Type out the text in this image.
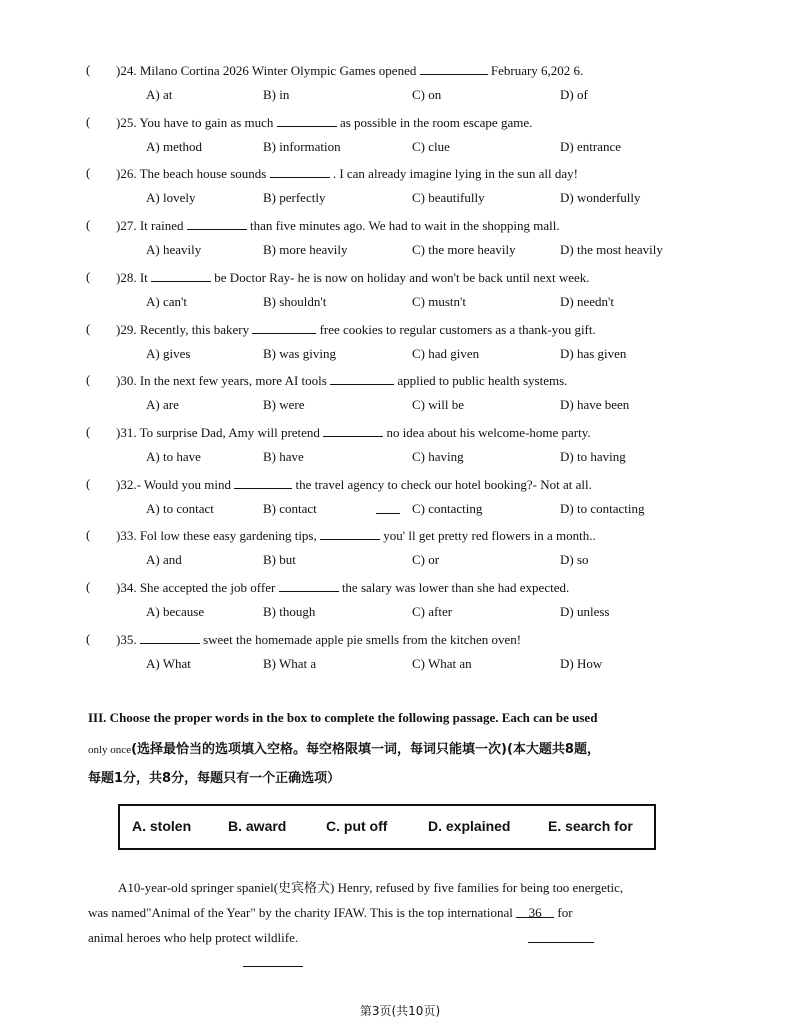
( )24. Milano Cortina 2026 Winter Olympic Games opened	February 6,202 6.
A) at	B) in	C) on	D) of
( )25. You have to gain as much	as possible in the room escape game.
A) method	B) information	C) clue	D) entrance
( )26. The beach house sounds	. I can already imagine lying in the sun all day!
A) lovely	B) perfectly	C) beautifully	D) wonderfully
( )27. It rained	than five minutes ago. We had to wait in the shopping mall.
A) heavily	B) more heavily	C) the more heavily	D) the most heavily
( )28. It	be Doctor Ray- he is now on holiday and won't be back until next week.
A) can't	B) shouldn't	C) mustn't	D) needn't
( )29. Recently, this bakery	free cookies to regular customers as a thank-you gift.
A) gives	B) was giving	C) had given	D) has given
( )30. In the next few years, more AI tools	applied to public health systems.
A) are	B) were	C) will be	D) have been
( )31. To surprise Dad, Amy will pretend	no idea about his welcome-home party.
A) to have	B) have	C) having	D) to having
( )32.- Would you mind	the travel agency to check our hotel booking?- Not at all.
A) to contact	B) contact	C) contacting	D) to contacting
( )33. Fol low these easy gardening tips,	you' ll get pretty red flowers in a month..
A) and	B) but	C) or	D) so
( )34. She accepted the job offer	the salary was lower than she had expected.
A) because	B) though	C) after	D) unless
( )35.	sweet the homemade apple pie smells from the kitchen oven!
A) What	B) What a	C) What an	D) How
III. Choose the proper words in the box to complete the following passage. Each can be used
only once(选择最恰当的选项填入空格。每空格限填一词，每词只能填一次)(本大题共8题，
每题1分，共8分，每题只有一个正确选项）
A. stolen	B. award	C. put off	D. explained	E. search for
A10-year-old springer spaniel(史宾格犬) Henry, refused by five families for being too energetic,
was named"Animal of the Year" by the charity IFAW. This is the top international 36 for
animal heroes who help protect wildlife.
第3页(共10页)
